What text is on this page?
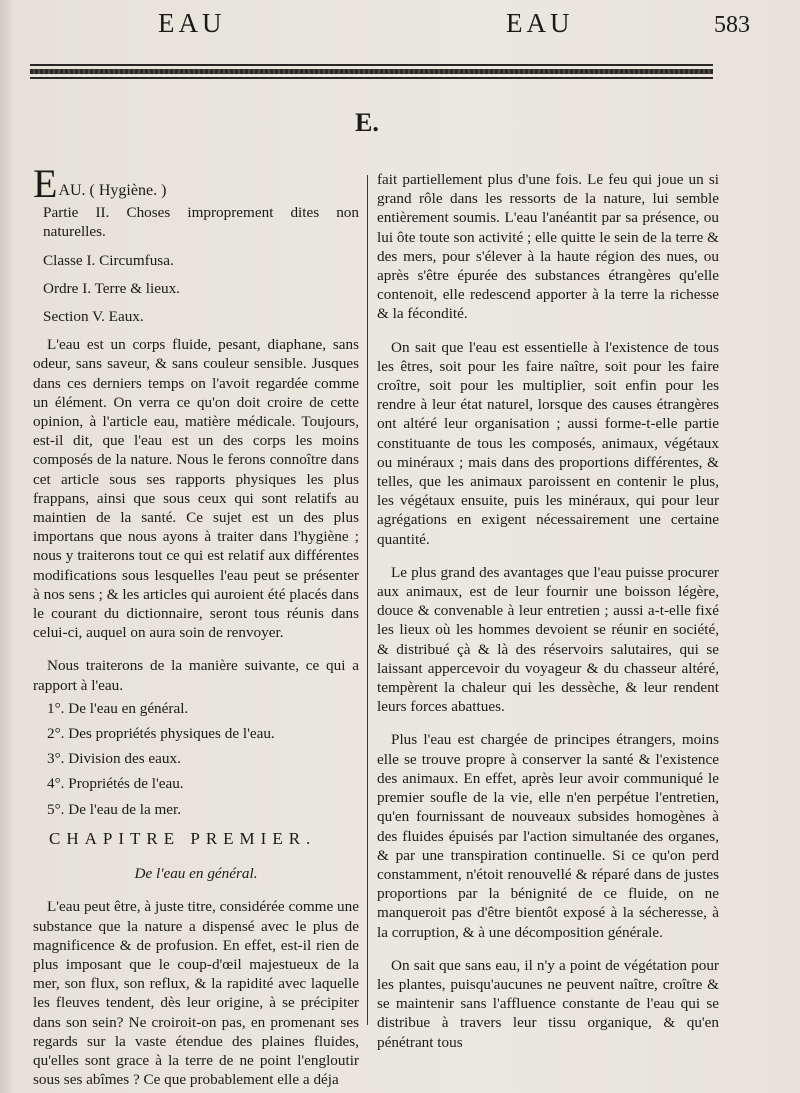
EAU	EAU	583
E.

EAU. ( Hygiène. )

Partie II. Choses improprement dites non naturelles.

Classe I. Circumfusa.

Ordre I. Terre & lieux.

Section V. Eaux.

L'eau est un corps fluide, pesant, diaphane, sans odeur, sans saveur, & sans couleur sensible. Jusques dans ces derniers temps on l'avoit regardée comme un élément. On verra ce qu'on doit croire de cette opinion, à l'article eau, matière médicale. Toujours, est-il dit, que l'eau est un des corps les moins composés de la nature. Nous le ferons connoître dans cet article sous ses rapports physiques les plus frappans, ainsi que sous ceux qui sont relatifs au maintien de la santé. Ce sujet est un des plus importans que nous ayons à traiter dans l'hygiène ; nous y traiterons tout ce qui est relatif aux différentes modifications sous lesquelles l'eau peut se présenter à nos sens ; & les articles qui auroient été placés dans le courant du dictionnaire, seront tous réunis dans celui-ci, auquel on aura soin de renvoyer.

Nous traiterons de la manière suivante, ce qui a rapport à l'eau.

1°. De l'eau en général.

2°. Des propriétés physiques de l'eau.

3°. Division des eaux.

4°. Propriétés de l'eau.

5°. De l'eau de la mer.

CHAPITRE PREMIER.

De l'eau en général.

L'eau peut être, à juste titre, considérée comme une substance que la nature a dispensé avec le plus de magnificence & de profusion. En effet, est-il rien de plus imposant que le coup-d'œil majestueux de la mer, son flux, son reflux, & la rapidité avec laquelle les fleuves tendent, dès leur origine, à se précipiter dans son sein? Ne croiroit-on pas, en promenant ses regards sur la vaste étendue des plaines fluides, qu'elles sont grace à la terre de ne point l'engloutir sous ses abîmes ? Ce que probablement elle a déja

fait partiellement plus d'une fois. Le feu qui joue un si grand rôle dans les ressorts de la nature, lui semble entièrement soumis. L'eau l'anéantit par sa présence, ou lui ôte toute son activité ; elle quitte le sein de la terre & des mers, pour s'élever à la haute région des nues, ou après s'être épurée des substances étrangères qu'elle contenoit, elle redescend apporter à la terre la richesse & la fécondité.

On sait que l'eau est essentielle à l'existence de tous les êtres, soit pour les faire naître, soit pour les faire croître, soit pour les multiplier, soit enfin pour les rendre à leur état naturel, lorsque des causes étrangères ont altéré leur organisation ; aussi forme-t-elle partie constituante de tous les composés, animaux, végétaux ou minéraux ; mais dans des proportions différentes, & telles, que les animaux paroissent en contenir le plus, les végétaux ensuite, puis les minéraux, qui pour leur agrégations en exigent nécessairement une certaine quantité.

Le plus grand des avantages que l'eau puisse procurer aux animaux, est de leur fournir une boisson légère, douce & convenable à leur entretien ; aussi a-t-elle fixé les lieux où les hommes devoient se réunir en société, & distribué çà & là des réservoirs salutaires, qui se laissant appercevoir du voyageur & du chasseur altéré, tempèrent la chaleur qui les dessèche, & leur rendent leurs forces abattues.

Plus l'eau est chargée de principes étrangers, moins elle se trouve propre à conserver la santé & l'existence des animaux. En effet, après leur avoir communiqué le premier soufle de la vie, elle n'en perpétue l'entretien, qu'en fournissant de nouveaux subsides homogènes à des fluides épuisés par l'action simultanée des organes, & par une transpiration continuelle. Si ce qu'on perd constamment, n'étoit renouvellé & réparé dans de justes proportions par la bénignité de ce fluide, on ne manqueroit pas d'être bientôt exposé à la sécheresse, à la corruption, & à une décomposition générale.

On sait que sans eau, il n'y a point de végétation pour les plantes, puisqu'aucunes ne peuvent naître, croître & se maintenir sans l'affluence constante de l'eau qui se distribue à travers leur tissu organique, & qu'en pénétrant tous
